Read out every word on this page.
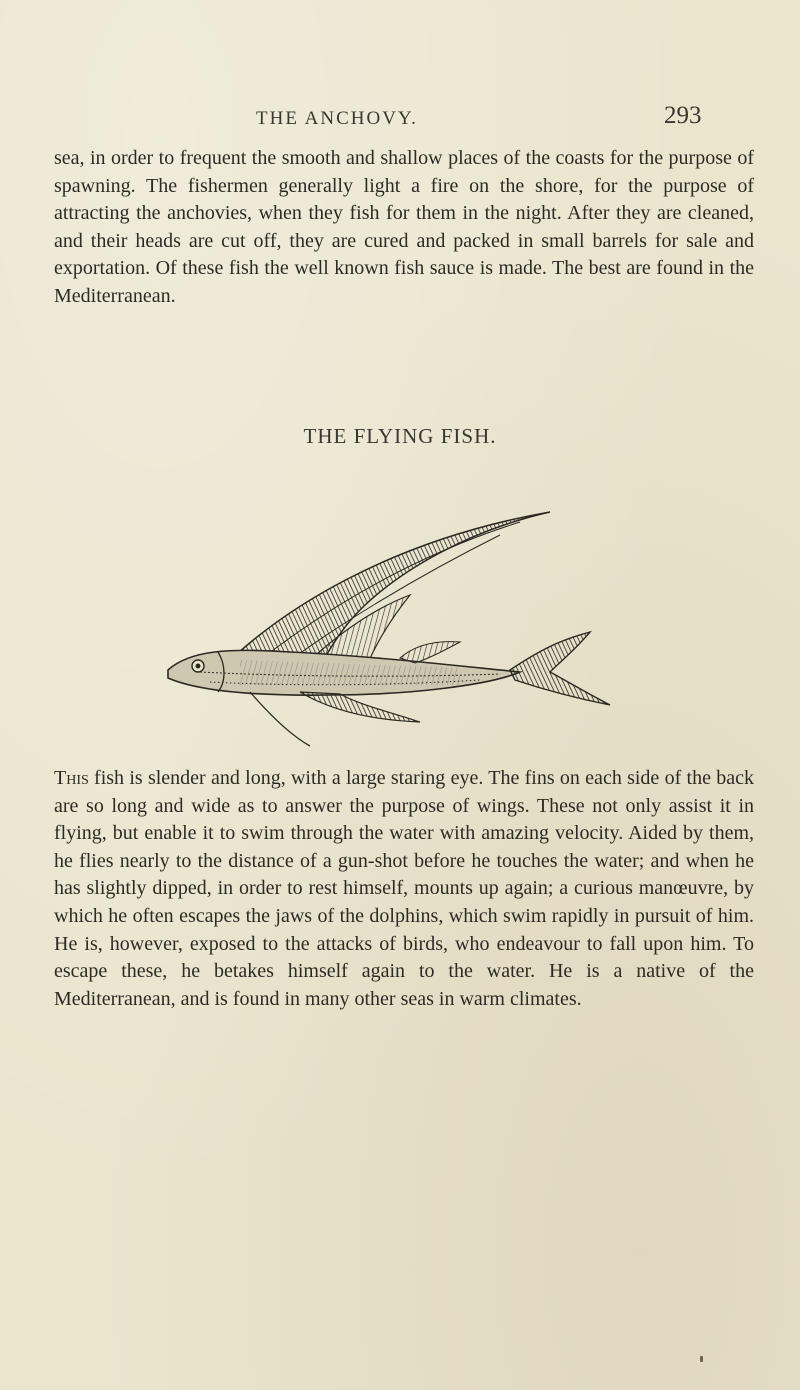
THE ANCHOVY.	293

sea, in order to frequent the smooth and shallow places of the coasts for the purpose of spawning. The fishermen generally light a fire on the shore, for the purpose of attracting the anchovies, when they fish for them in the night. After they are cleaned, and their heads are cut off, they are cured and packed in small barrels for sale and exportation. Of these fish the well known fish sauce is made. The best are found in the Mediterranean.

THE FLYING FISH.

This fish is slender and long, with a large staring eye. The fins on each side of the back are so long and wide as to answer the purpose of wings. These not only assist it in flying, but enable it to swim through the water with amazing velocity. Aided by them, he flies nearly to the distance of a gun-shot before he touches the water; and when he has slightly dipped, in order to rest himself, mounts up again; a curious manœuvre, by which he often escapes the jaws of the dolphins, which swim rapidly in pursuit of him. He is, however, exposed to the attacks of birds, who endeavour to fall upon him. To escape these, he betakes himself again to the water. He is a native of the Mediterranean, and is found in many other seas in warm climates.
